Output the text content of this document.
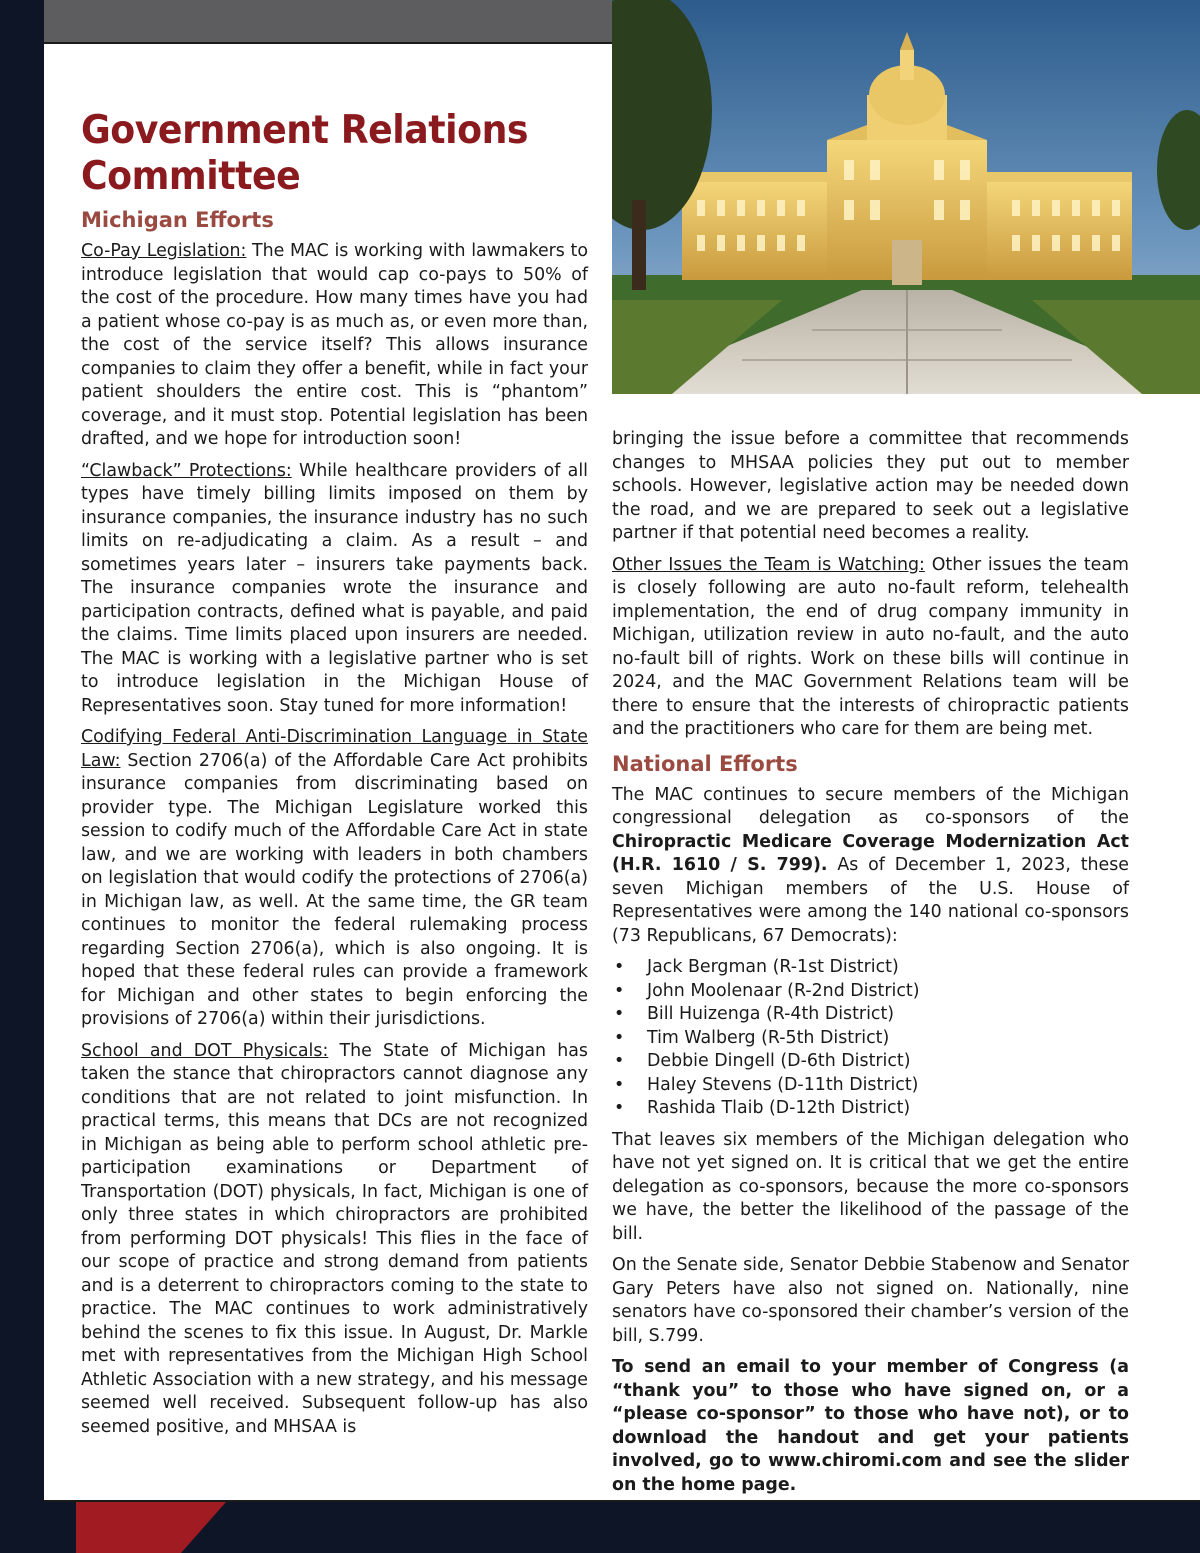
Government Relations
Committee
Michigan Efforts

Co-Pay Legislation: The MAC is working with lawmakers to introduce legislation that would cap co-pays to 50% of the cost of the procedure. How many times have you had a patient whose co-pay is as much as, or even more than, the cost of the service itself? This allows insurance companies to claim they offer a benefit, while in fact your patient shoulders the entire cost. This is “phantom” coverage, and it must stop. Potential legislation has been drafted, and we hope for introduction soon!

“Clawback” Protections: While healthcare providers of all types have timely billing limits imposed on them by insurance companies, the insurance industry has no such limits on re-adjudicating a claim. As a result – and sometimes years later – insurers take payments back. The insurance companies wrote the insurance and participation contracts, defined what is payable, and paid the claims. Time limits placed upon insurers are needed. The MAC is working with a legislative partner who is set to introduce legislation in the Michigan House of Representatives soon. Stay tuned for more information!

Codifying Federal Anti-Discrimination Language in State Law: Section 2706(a) of the Affordable Care Act prohibits insurance companies from discriminating based on provider type. The Michigan Legislature worked this session to codify much of the Affordable Care Act in state law, and we are working with leaders in both chambers on legislation that would codify the protections of 2706(a) in Michigan law, as well. At the same time, the GR team continues to monitor the federal rulemaking process regarding Section 2706(a), which is also ongoing. It is hoped that these federal rules can provide a framework for Michigan and other states to begin enforcing the provisions of 2706(a) within their jurisdictions.

School and DOT Physicals: The State of Michigan has taken the stance that chiropractors cannot diagnose any conditions that are not related to joint misfunction. In practical terms, this means that DCs are not recognized in Michigan as being able to perform school athletic pre-participation examinations or Department of Transportation (DOT) physicals, In fact, Michigan is one of only three states in which chiropractors are prohibited from performing DOT physicals! This flies in the face of our scope of practice and strong demand from patients and is a deterrent to chiropractors coming to the state to practice. The MAC continues to work administratively behind the scenes to fix this issue. In August, Dr. Markle met with representatives from the Michigan High School Athletic Association with a new strategy, and his message seemed well received. Subsequent follow-up has also seemed positive, and MHSAA is

bringing the issue before a committee that recommends changes to MHSAA policies they put out to member schools. However, legislative action may be needed down the road, and we are prepared to seek out a legislative partner if that potential need becomes a reality.

Other Issues the Team is Watching: Other issues the team is closely following are auto no-fault reform, telehealth implementation, the end of drug company immunity in Michigan, utilization review in auto no-fault, and the auto no-fault bill of rights. Work on these bills will continue in 2024, and the MAC Government Relations team will be there to ensure that the interests of chiropractic patients and the practitioners who care for them are being met.

National Efforts

The MAC continues to secure members of the Michigan congressional delegation as co-sponsors of the Chiropractic Medicare Coverage Modernization Act (H.R. 1610 / S. 799). As of December 1, 2023, these seven Michigan members of the U.S. House of Representatives were among the 140 national co-sponsors (73 Republicans, 67 Democrats):

• Jack Bergman (R-1st District)
• John Moolenaar (R-2nd District)
• Bill Huizenga (R-4th District)
• Tim Walberg (R-5th District)
• Debbie Dingell (D-6th District)
• Haley Stevens (D-11th District)
• Rashida Tlaib (D-12th District)

That leaves six members of the Michigan delegation who have not yet signed on. It is critical that we get the entire delegation as co-sponsors, because the more co-sponsors we have, the better the likelihood of the passage of the bill.

On the Senate side, Senator Debbie Stabenow and Senator Gary Peters have also not signed on. Nationally, nine senators have co-sponsored their chamber’s version of the bill, S.799.

To send an email to your member of Congress (a “thank you” to those who have signed on, or a “please co-sponsor” to those who have not), or to download the handout and get your patients involved, go to www.chiromi.com and see the slider on the home page.
